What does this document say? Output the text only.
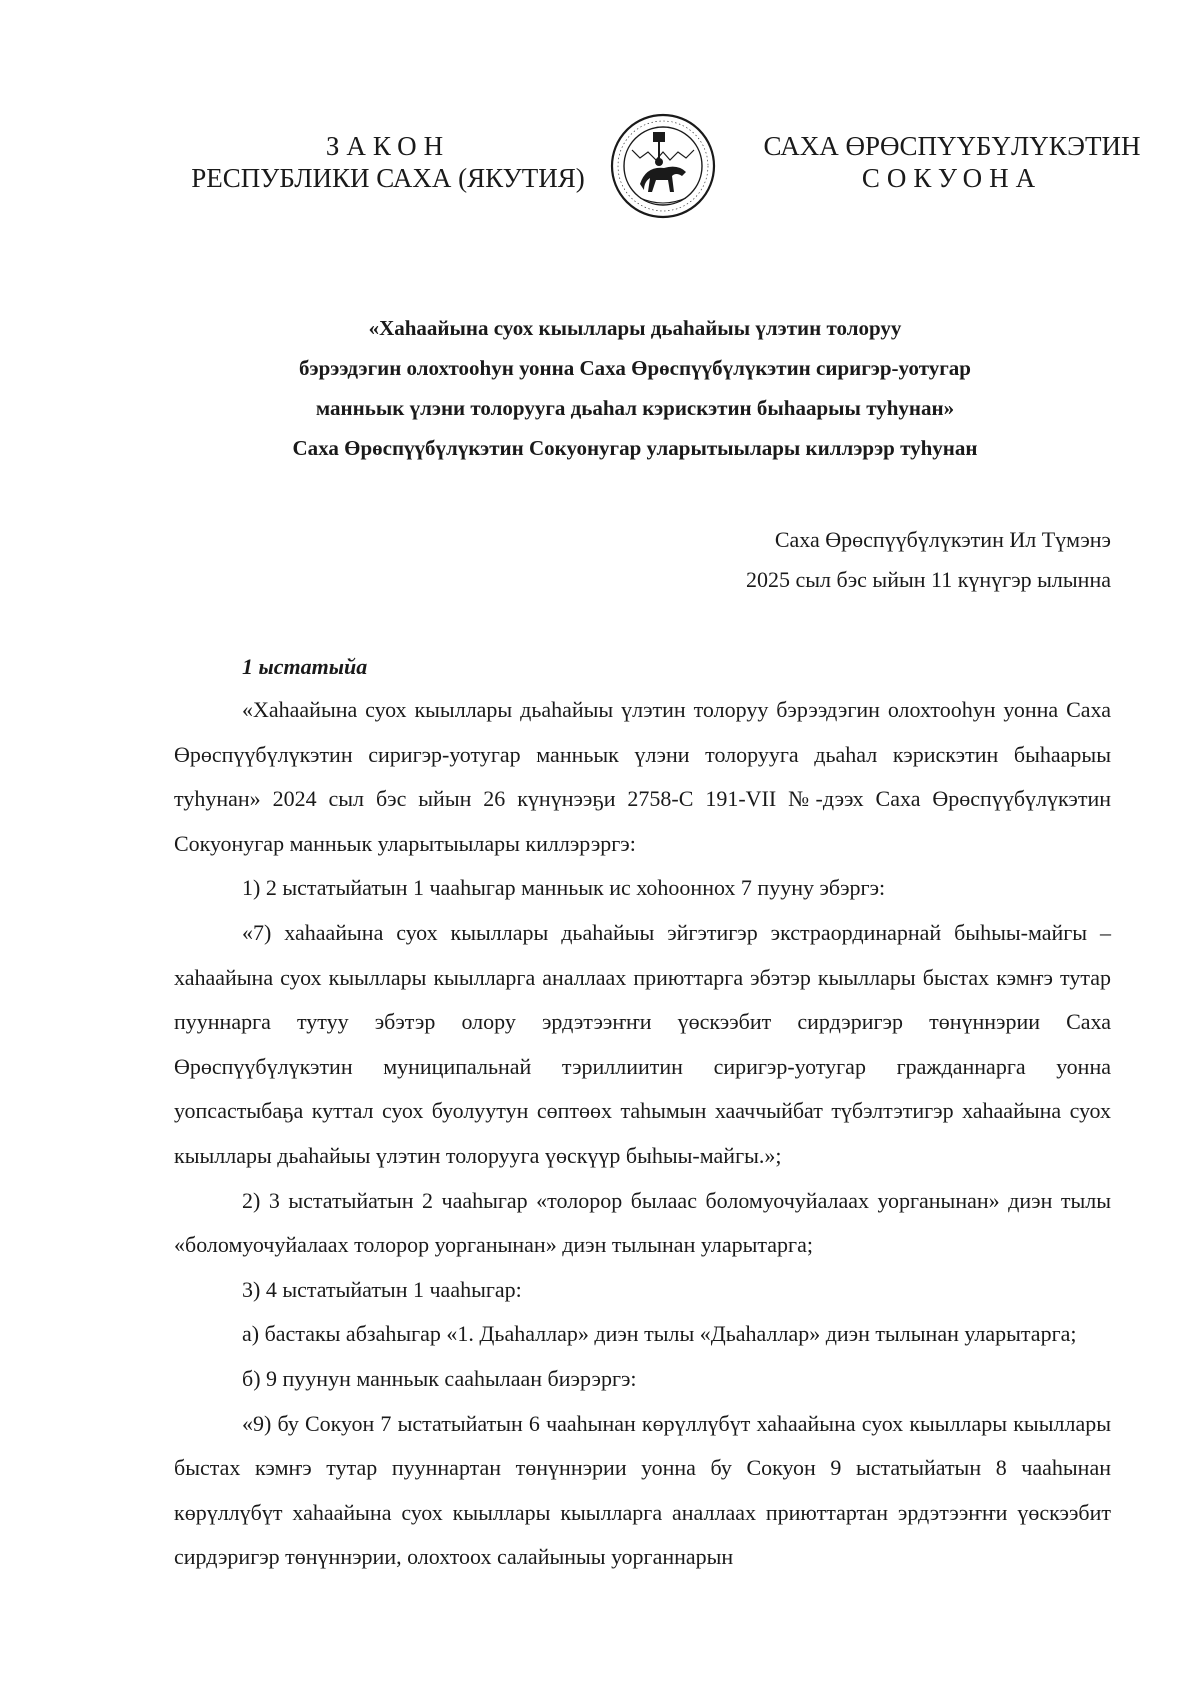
ЗАКОН
РЕСПУБЛИКИ САХА (ЯКУТИЯ)
САХА ӨРӨСПҮҮБҮЛҮКЭТИН
СОКУОНА
«Хаһаайына суох кыыллары дьаһайыы үлэтин толоруу
бэрээдэгин олохтооһун уонна Саха Өрөспүүбүлүкэтин сиригэр-уотугар
манньык үлэни толорууга дьаһал кэрискэтин быһаарыы туһунан»
Саха Өрөспүүбүлүкэтин Сокуонугар уларытыылары киллэрэр туһунан
Саха Өрөспүүбүлүкэтин Ил Түмэнэ
2025 сыл бэс ыйын 11 күнүгэр ылынна
1 ыстатыйа

«Хаһаайына суох кыыллары дьаһайыы үлэтин толоруу бэрээдэгин олохтооһун уонна Саха Өрөспүүбүлүкэтин сиригэр-уотугар манньык үлэни толорууга дьаһал кэрискэтин быһаарыы туһунан» 2024 сыл бэс ыйын 26 күнүнээҕи 2758-С 191-VII №-дээх Саха Өрөспүүбүлүкэтин Сокуонугар манньык уларытыылары киллэрэргэ:

1) 2 ыстатыйатын 1 чааһыгар манньык ис хоһооннох 7 пууну эбэргэ:

«7) хаһаайына суох кыыллары дьаһайыы эйгэтигэр экстраординарнай быһыы-майгы – хаһаайына суох кыыллары кыылларга аналлаах приюттарга эбэтэр кыыллары быстах кэмҥэ тутар пууннарга тутуу эбэтэр олору эрдэтээҥҥи үөскээбит сирдэригэр төнүннэрии Саха Өрөспүүбүлүкэтин муниципальнай тэриллиитин сиригэр-уотугар гражданнарга уонна уопсастыбаҕа куттал суох буолуутун сөптөөх таһымын хааччыйбат түбэлтэтигэр хаһаайына суох кыыллары дьаһайыы үлэтин толорууга үөскүүр быһыы-майгы.»;

2) 3 ыстатыйатын 2 чааһыгар «толорор былаас боломуочуйалаах уорганынан» диэн тылы «боломуочуйалаах толорор уорганынан» диэн тылынан уларытарга;

3) 4 ыстатыйатын 1 чааһыгар:

а) бастакы абзаһыгар «1. Дьаһаллар» диэн тылы «Дьаһаллар» диэн тылынан уларытарга;

б) 9 пуунун манньык сааһылаан биэрэргэ:

«9) бу Сокуон 7 ыстатыйатын 6 чааһынан көрүллүбүт хаһаайына суох кыыллары кыыллары быстах кэмҥэ тутар пууннартан төнүннэрии уонна бу Сокуон 9 ыстатыйатын 8 чааһынан көрүллүбүт хаһаайына суох кыыллары кыылларга аналлаах приюттартан эрдэтээҥҥи үөскээбит сирдэригэр төнүннэрии, олохтоох салайыныы уорганнарын
